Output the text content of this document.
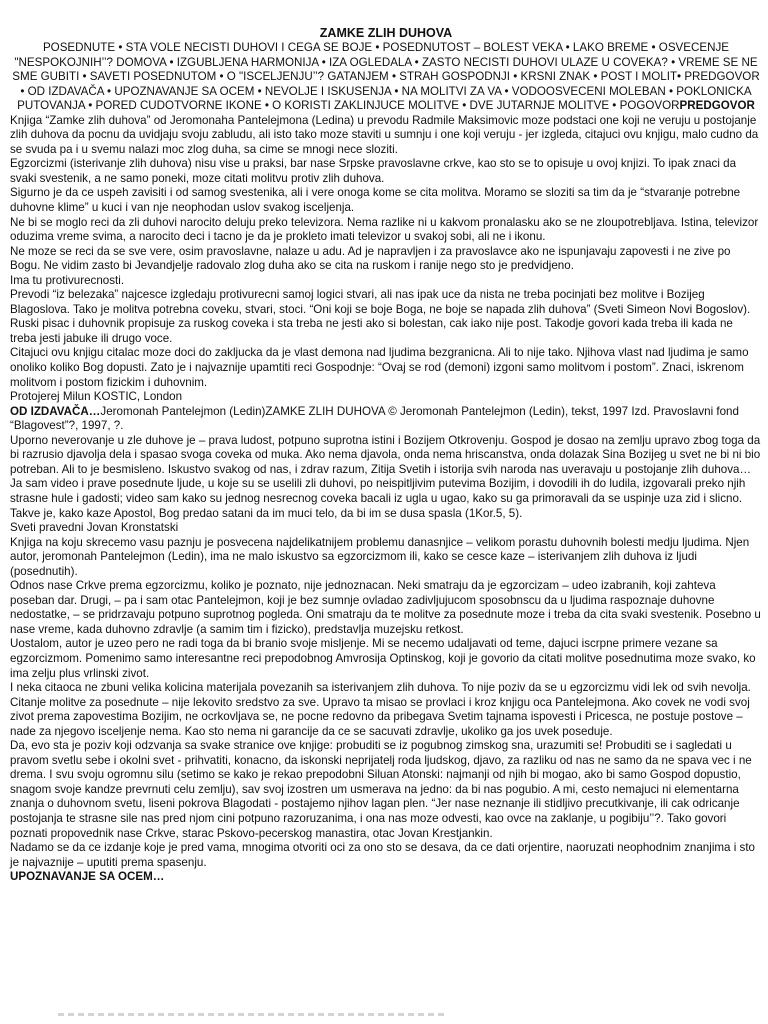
ZAMKE ZLIH DUHOVA

POSEDNUTE • STA VOLE NECISTI DUHOVI I CEGA SE BOJE • POSEDNUTOST – BOLEST VEKA • LAKO BREME • OSVECENJE "NESPOKOJNIH’’? DOMOVA • IZGUBLJENA HARMONIJA • IZA OGLEDALA • ZASTO NECISTI DUHOVI ULAZE U COVEKA? • VREME SE NE SME GUBITI • SAVETI POSEDNUTOM • O "ISCELJENJU’’? GATANJEM • STRAH GOSPODNJI • KRSNI ZNAK • POST I MOLIT• PREDGOVOR • OD IZDAVAČA • UPOZNAVANJE SA OCEM • NEVOLJE I ISKUSENJA • NA MOLITVI ZA VA • VODOOSVECENI MOLEBAN • POKLONICKA PUTOVANJA • PORED CUDOTVORNE IKONE • O KORISTI ZAKLINJUCE MOLITVE • DVE JUTARNJE MOLITVE • POGOVORPREDGOVOR

Knjiga “Zamke zlih duhova” od Jeromonaha Pantelejmona (Ledina) u prevodu Radmile Maksimovic moze podstaci one koji ne veruju u postojanje zlih duhova da pocnu da uvidjaju svoju zabludu, ali isto tako moze staviti u sumnju i one koji veruju - jer izgleda, citajuci ovu knjigu, malo cudno da se svuda pa i u svemu nalazi moc zlog duha, sa cime se mnogi nece sloziti.

Egzorcizmi (isterivanje zlih duhova) nisu vise u praksi, bar nase Srpske pravoslavne crkve, kao sto se to opisuje u ovoj knjizi. To ipak znaci da svaki svestenik, a ne samo poneki, moze citati molitvu protiv zlih duhova.

Sigurno je da ce uspeh zavisiti i od samog svestenika, ali i vere onoga kome se cita molitva. Moramo se sloziti sa tim da je “stvaranje potrebne duhovne klime” u kuci i van nje neophodan uslov svakog isceljenja.

Ne bi se moglo reci da zli duhovi narocito deluju preko televizora. Nema razlike ni u kakvom pronalasku ako se ne zloupotrebljava. Istina, televizor oduzima vreme svima, a narocito deci i tacno je da je prokleto imati televizor u svakoj sobi, ali ne i ikonu.

Ne moze se reci da se sve vere, osim pravoslavne, nalaze u adu. Ad je napravljen i za pravoslavce ako ne ispunjavaju zapovesti i ne zive po Bogu. Ne vidim zasto bi Jevandjelje radovalo zlog duha ako se cita na ruskom i ranije nego sto je predvidjeno.

Ima tu protivurecnosti.

Prevodi “iz belezaka” najcesce izgledaju protivurecni samoj logici stvari, ali nas ipak uce da nista ne treba pocinjati bez molitve i Bozijeg Blagoslova. Tako je molitva potrebna coveku, stvari, stoci. “Oni koji se boje Boga, ne boje se napada zlih duhova” (Sveti Simeon Novi Bogoslov).

Ruski pisac i duhovnik propisuje za ruskog coveka i sta treba ne jesti ako si bolestan, cak iako nije post. Takodje govori kada treba ili kada ne treba jesti jabuke ili drugo voce.

Citajuci ovu knjigu citalac moze doci do zakljucka da je vlast demona nad ljudima bezgranicna. Ali to nije tako. Njihova vlast nad ljudima je samo onoliko koliko Bog dopusti. Zato je i najvaznije upamtiti reci Gospodnje: “Ovaj se rod (demoni) izgoni samo molitvom i postom”. Znaci, iskrenom molitvom i postom fizickim i duhovnim.

Protojerej Milun KOSTIC, London

OD IZDAVAČA…Jeromonah Pantelejmon (Ledin)ZAMKE ZLIH DUHOVA © Jeromonah Pantelejmon (Ledin), tekst, 1997 Izd. Pravoslavni fond “Blagovest”?, 1997, ?.

Uporno neverovanje u zle duhove je – prava ludost, potpuno suprotna istini i Bozijem Otkrovenju. Gospod je dosao na zemlju upravo zbog toga da bi razrusio djavolja dela i spasao svoga coveka od muka. Ako nema djavola, onda nema hriscanstva, onda dolazak Sina Bozijeg u svet ne bi ni bio potreban. Ali to je besmisleno. Iskustvo svakog od nas, i zdrav razum, Zitija Svetih i istorija svih naroda nas uveravaju u postojanje zlih duhova…Ja sam video i prave posednute ljude, u koje su se uselili zli duhovi, po neispitljivim putevima Bozijim, i dovodili ih do ludila, izgovarali preko njih strasne hule i gadosti; video sam kako su jednog nesrecnog coveka bacali iz ugla u ugao, kako su ga primoravali da se uspinje uza zid i slicno. Takve je, kako kaze Apostol, Bog predao satani da im muci telo, da bi im se dusa spasla (1Kor.5, 5).

Sveti pravedni Jovan Kronstatski

Knjiga na koju skrecemo vasu paznju je posvecena najdelikatnijem problemu danasnjice – velikom porastu duhovnih bolesti medju ljudima. Njen autor, jeromonah Pantelejmon (Ledin), ima ne malo iskustvo sa egzorcizmom ili, kako se cesce kaze – isterivanjem zlih duhova iz ljudi (posednutih).

Odnos nase Crkve prema egzorcizmu, koliko je poznato, nije jednoznacan. Neki smatraju da je egzorcizam – udeo izabranih, koji zahteva poseban dar. Drugi, – pa i sam otac Pantelejmon, koji je bez sumnje ovladao zadivljujucom sposobnscu da u ljudima raspoznaje duhovne nedostatke, – se pridrzavaju potpuno suprotnog pogleda. Oni smatraju da te molitve za posednute moze i treba da cita svaki svestenik. Posebno u nase vreme, kada duhovno zdravlje (a samim tim i fizicko), predstavlja muzejsku retkost.

Uostalom, autor je uzeo pero ne radi toga da bi branio svoje misljenje. Mi se necemo udaljavati od teme, dajuci iscrpne primere vezane sa egzorcizmom. Pomenimo samo interesantne reci prepodobnog Amvrosija Optinskog, koji je govorio da citati molitve posednutima moze svako, ko ima zelju plus vrlinski zivot.

I neka citaoca ne zbuni velika kolicina materijala povezanih sa isterivanjem zlih duhova. To nije poziv da se u egzorcizmu vidi lek od svih nevolja. Citanje molitve za posednute – nije lekovito sredstvo za sve. Upravo ta misao se provlaci i kroz knjigu oca Pantelejmona. Ako covek ne vodi svoj zivot prema zapovestima Bozijim, ne ocrkovljava se, ne pocne redovno da pribegava Svetim tajnama ispovesti i Pricesca, ne postuje postove – nade za njegovo isceljenje nema. Kao sto nema ni garancije da ce se sacuvati zdravlje, ukoliko ga jos uvek poseduje.

Da, evo sta je poziv koji odzvanja sa svake stranice ove knjige: probuditi se iz pogubnog zimskog sna, urazumiti se! Probuditi se i sagledati u pravom svetlu sebe i okolni svet - prihvatiti, konacno, da iskonski neprijatelj roda ljudskog, djavo, za razliku od nas ne samo da ne spava vec i ne drema. I svu svoju ogromnu silu (setimo se kako je rekao prepodobni Siluan Atonski: najmanji od njih bi mogao, ako bi samo Gospod dopustio, snagom svoje kandze prevrnuti celu zemlju), sav svoj izostren um usmerava na jedno: da bi nas pogubio. A mi, cesto nemajuci ni elementarna znanja o duhovnom svetu, liseni pokrova Blagodati - postajemo njihov lagan plen. “Jer nase neznanje ili stidljivo precutkivanje, ili cak odricanje postojanja te strasne sile nas pred njom cini potpuno razoruzanima, i ona nas moze odvesti, kao ovce na zaklanje, u pogibiju’’?. Tako govori poznati propovednik nase Crkve, starac Pskovo-pecerskog manastira, otac Jovan Krestjankin.

Nadamo se da ce izdanje koje je pred vama, mnogima otvoriti oci za ono sto se desava, da ce dati orjentire, naoruzati neophodnim znanjima i sto je najvaznije – uputiti prema spasenju.

UPOZNAVANJE SA OCEM…
